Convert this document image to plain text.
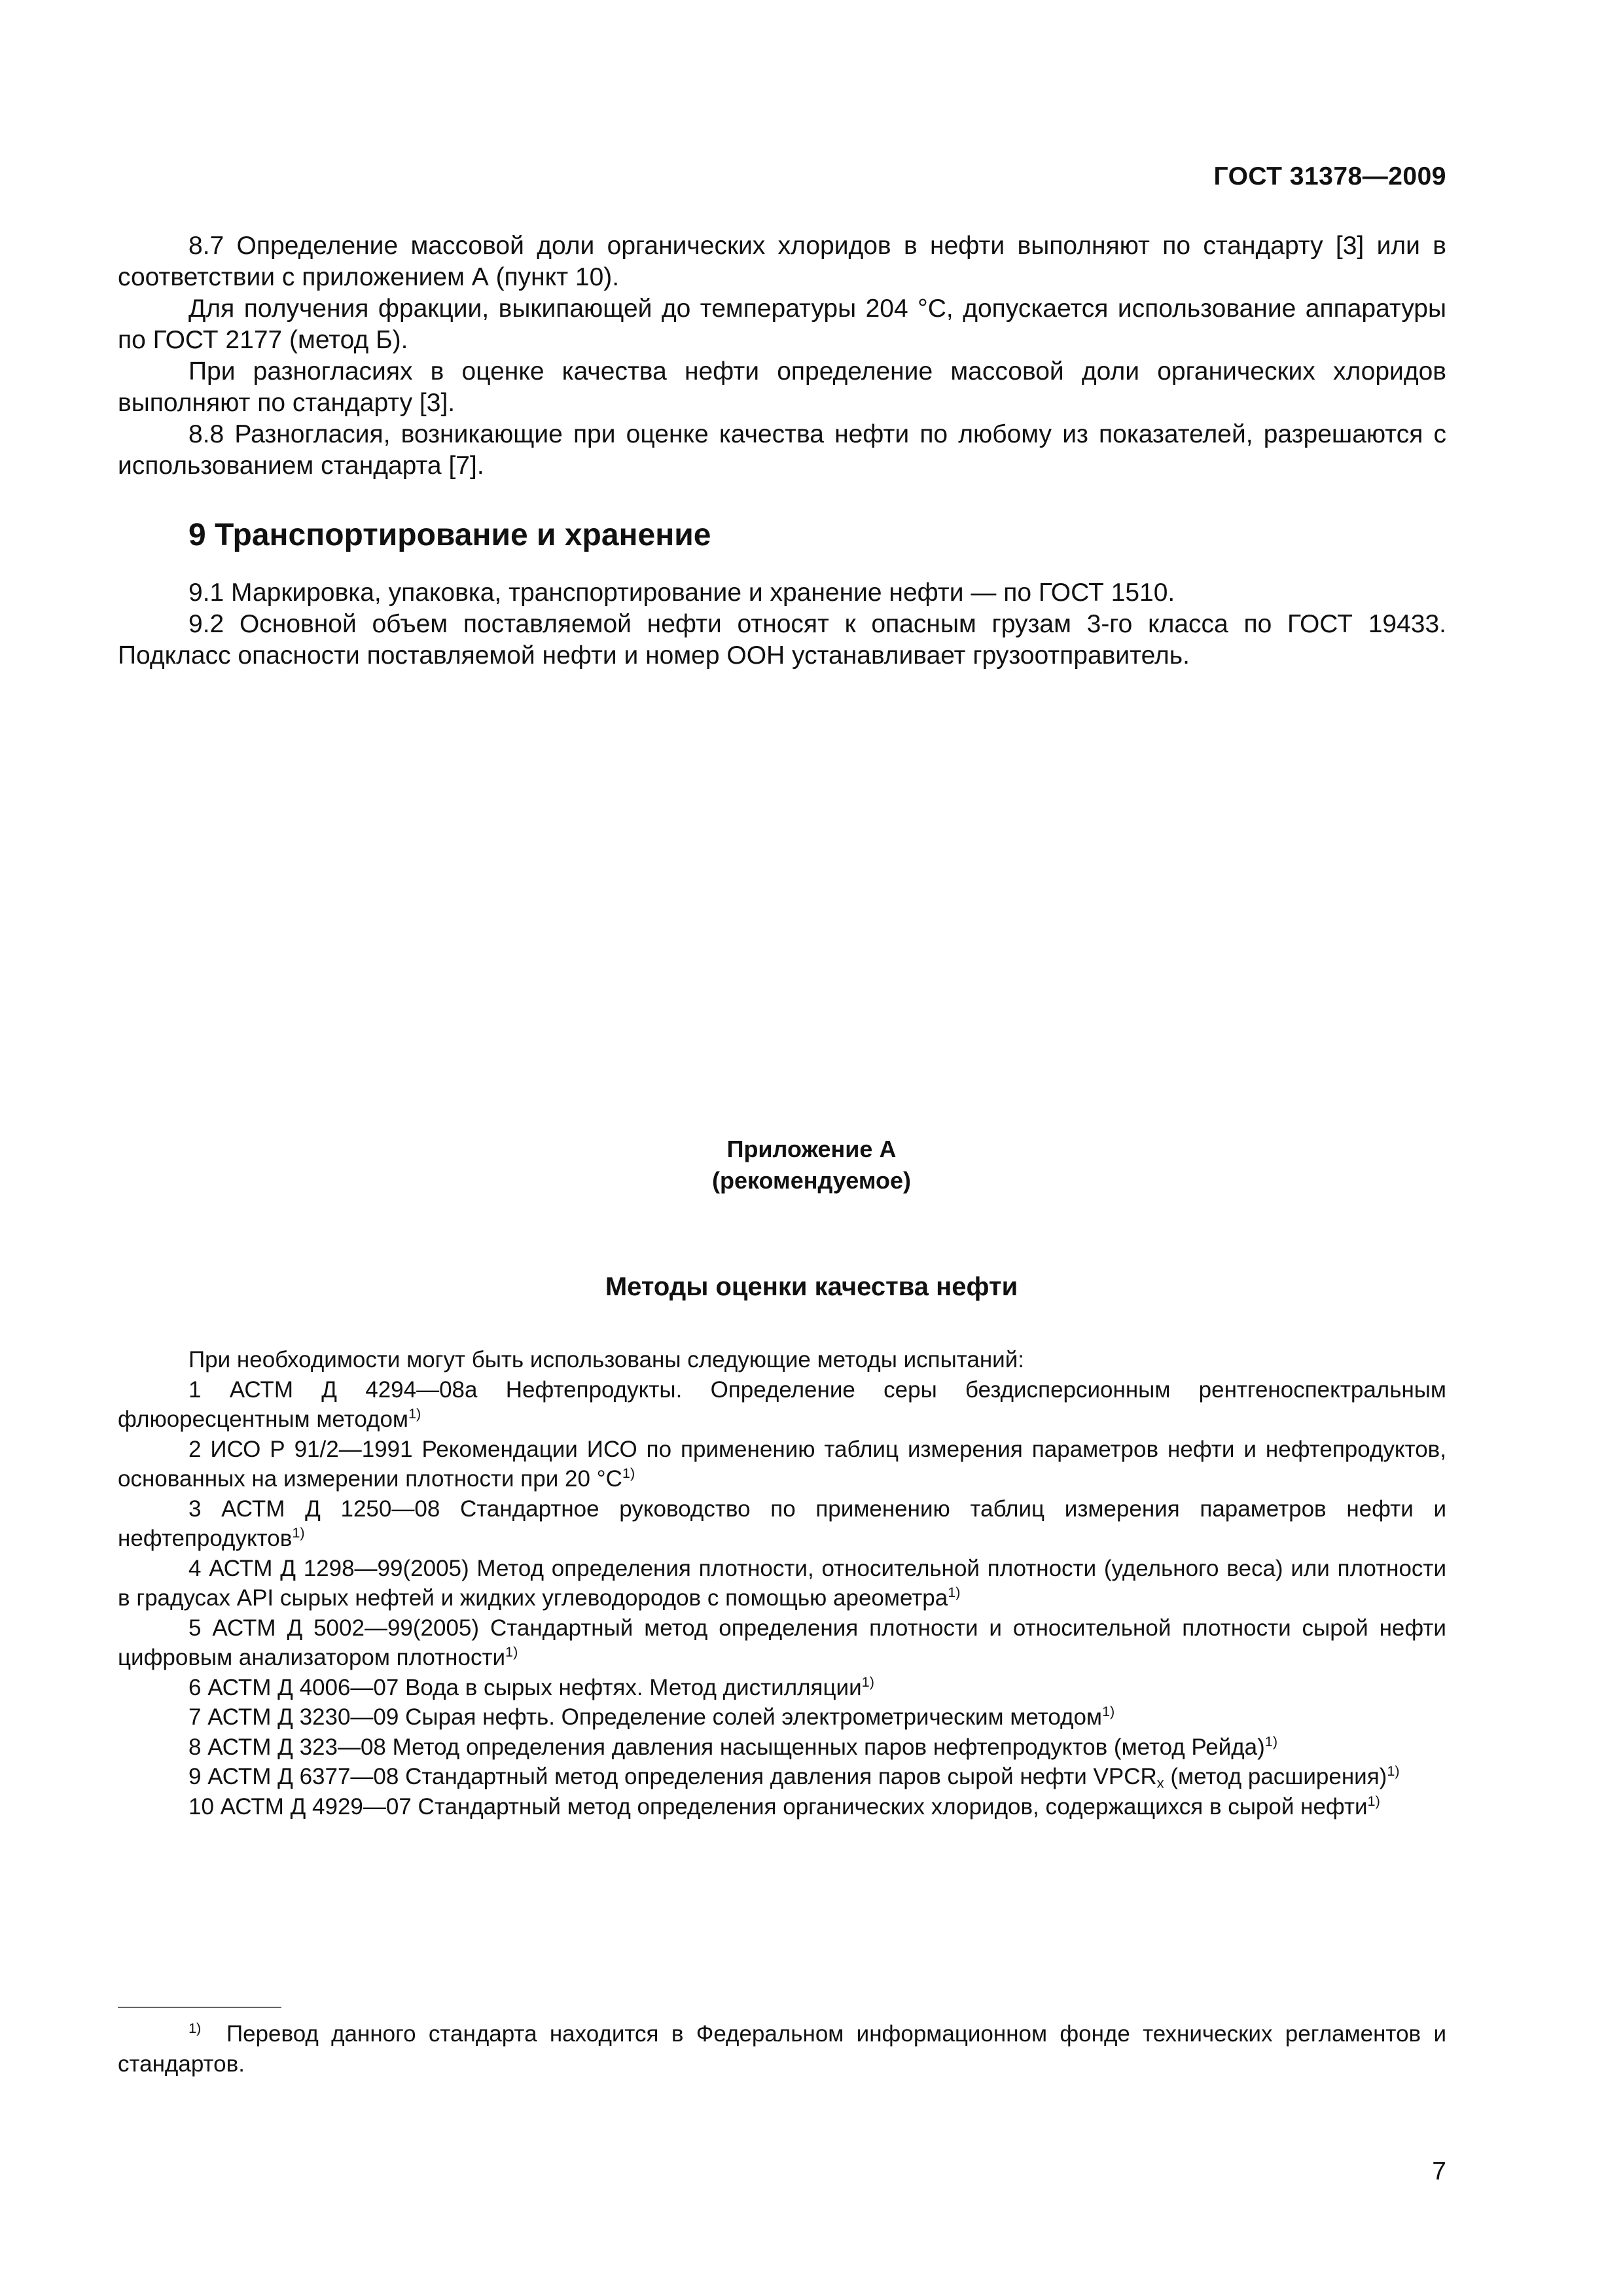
ГОСТ 31378—2009

8.7 Определение массовой доли органических хлоридов в нефти выполняют по стандарту [3] или в соответствии с приложением А (пункт 10).

Для получения фракции, выкипающей до температуры 204 °С, допускается использование аппаратуры по ГОСТ 2177 (метод Б).

При разногласиях в оценке качества нефти определение массовой доли органических хлоридов выполняют по стандарту [3].

8.8 Разногласия, возникающие при оценке качества нефти по любому из показателей, разрешаются с использованием стандарта [7].

9 Транспортирование и хранение

9.1 Маркировка, упаковка, транспортирование и хранение нефти — по ГОСТ 1510.

9.2 Основной объем поставляемой нефти относят к опасным грузам 3-го класса по ГОСТ 19433. Подкласс опасности поставляемой нефти и номер ООН устанавливает грузоотправитель.

Приложение А
(рекомендуемое)
Методы оценки качества нефти

При необходимости могут быть использованы следующие методы испытаний:

1 АСТМ Д 4294—08а Нефтепродукты. Определение серы бездисперсионным рентгеноспектральным флюоресцентным методом$^{1)}$

2 ИСО Р 91/2—1991 Рекомендации ИСО по применению таблиц измерения параметров нефти и нефтепродуктов, основанных на измерении плотности при 20 $^\circ С^{1)}$

3 АСТМ Д 1250—08 Стандартное руководство по применению таблиц измерения параметров нефти и нефтепродуктов$^{1)}$

4 АСТМ Д 1298—99(2005) Метод определения плотности, относительной плотности (удельного веса) или плотности в градусах API сырых нефтей и жидких углеводородов с помощью ареометра$^{1)}$

5 АСТМ Д 5002—99(2005) Стандартный метод определения плотности и относительной плотности сырой нефти цифровым анализатором плотности$^{1)}$

6 АСТМ Д 4006—07 Вода в сырых нефтях. Метод дистилляции$^{1)}$

7 АСТМ Д 3230—09 Сырая нефть. Определение солей электрометрическим методом$^{1)}$

8 АСТМ Д 323—08 Метод определения давления насыщенных паров нефтепродуктов (метод Рейда)$^{1)}$

9 АСТМ Д 6377—08 Стандартный метод определения давления паров сырой нефти $VPCR_x$ (метод расширения)$^{1)}$

10 АСТМ Д 4929—07 Стандартный метод определения органических хлоридов, содержащихся в сырой нефти$^{1)}$

$^{1)}$ Перевод данного стандарта находится в Федеральном информационном фонде технических регламентов и стандартов.

7
